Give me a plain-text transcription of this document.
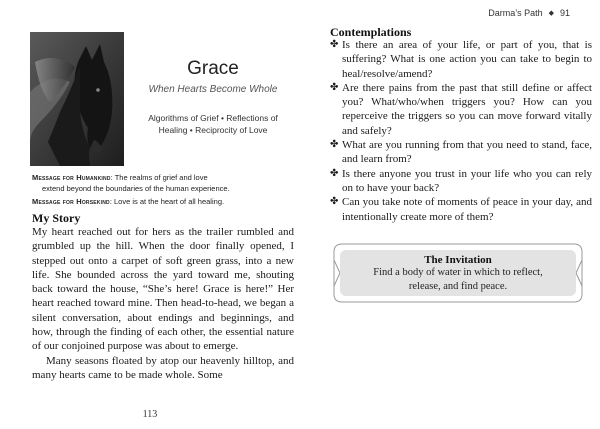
Grace
When Hearts Become Whole
Algorithms of Grief • Reflections of
Healing • Reciprocity of Love
Message for Humankind: The realms of grief and love
extend beyond the boundaries of the human experience.
Message for Horsekind: Love is at the heart of all healing.
My Story

My heart reached out for hers as the trailer rumbled and grumbled up the hill. When the door finally opened, I stepped out onto a carpet of soft green grass, into a new life. She bounded across the yard toward me, shouting back toward the house, “She’s here! Grace is here!” Her heart reached toward mine. Then head-to-head, we began a silent conversation, about endings and beginnings, and how, through the finding of each other, the essential nature of our conjoined purpose was about to emerge.

Many seasons floated by atop our heavenly hilltop, and many hearts came to be made whole. Some

113
Darma’s Path ◆ 91
Contemplations
✤ Is there an area of your life, or part of you, that is suffering? What is one action you can take to begin to heal/resolve/amend?
✤ Are there pains from the past that still define or affect you? What/who/when triggers you? How can you reperceive the triggers so you can move forward vitally and safely?
✤ What are you running from that you need to stand, face, and learn from?
✤ Is there anyone you trust in your life who you can rely on to have your back?
✤ Can you take note of moments of peace in your day, and intentionally create more of them?
The Invitation
Find a body of water in which to reflect,
release, and find peace.
